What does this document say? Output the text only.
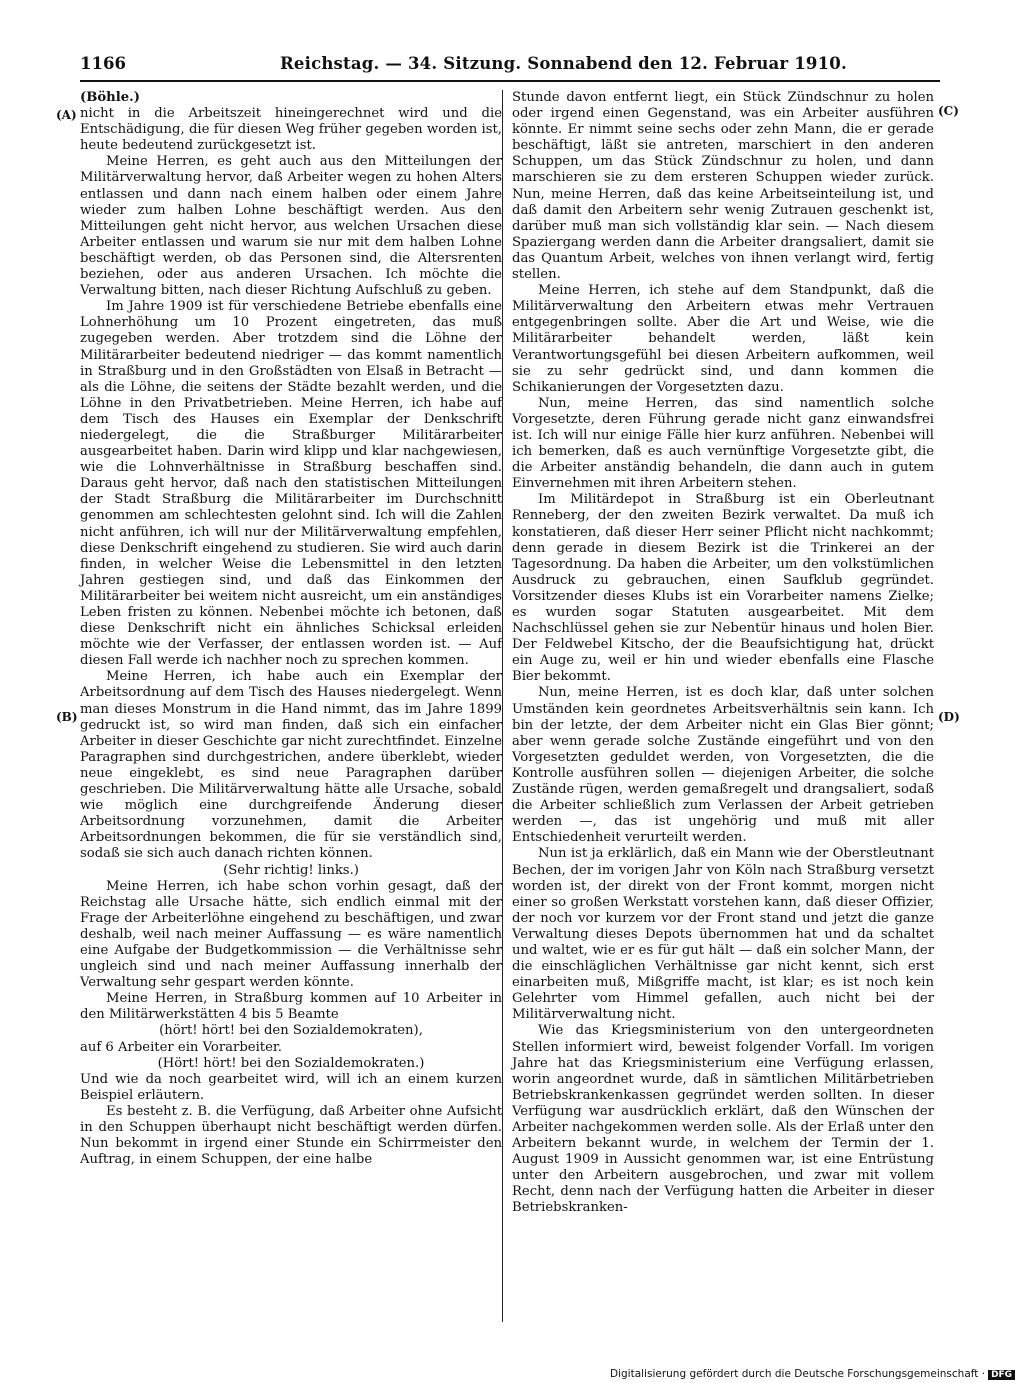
1166	Reichstag. — 34. Sitzung. Sonnabend den 12. Februar 1910.
(A)
(B)
(C)
(D)

(Böhle.)

nicht in die Arbeitszeit hineingerechnet wird und die Entschädigung, die für diesen Weg früher gegeben worden ist, heute bedeutend zurückgesetzt ist.

Meine Herren, es geht auch aus den Mitteilungen der Militärverwaltung hervor, daß Arbeiter wegen zu hohen Alters entlassen und dann nach einem halben oder einem Jahre wieder zum halben Lohne beschäftigt werden. Aus den Mitteilungen geht nicht hervor, aus welchen Ursachen diese Arbeiter entlassen und warum sie nur mit dem halben Lohne beschäftigt werden, ob das Personen sind, die Altersrenten beziehen, oder aus anderen Ursachen. Ich möchte die Verwaltung bitten, nach dieser Richtung Aufschluß zu geben.

Im Jahre 1909 ist für verschiedene Betriebe ebenfalls eine Lohnerhöhung um 10 Prozent eingetreten, das muß zugegeben werden. Aber trotzdem sind die Löhne der Militärarbeiter bedeutend niedriger — das kommt namentlich in Straßburg und in den Großstädten von Elsaß in Betracht — als die Löhne, die seitens der Städte bezahlt werden, und die Löhne in den Privatbetrieben. Meine Herren, ich habe auf dem Tisch des Hauses ein Exemplar der Denkschrift niedergelegt, die die Straßburger Militärarbeiter ausgearbeitet haben. Darin wird klipp und klar nachgewiesen, wie die Lohnverhältnisse in Straßburg beschaffen sind. Daraus geht hervor, daß nach den statistischen Mitteilungen der Stadt Straßburg die Militärarbeiter im Durchschnitt genommen am schlechtesten gelohnt sind. Ich will die Zahlen nicht anführen, ich will nur der Militärverwaltung empfehlen, diese Denkschrift eingehend zu studieren. Sie wird auch darin finden, in welcher Weise die Lebensmittel in den letzten Jahren gestiegen sind, und daß das Einkommen der Militärarbeiter bei weitem nicht ausreicht, um ein anständiges Leben fristen zu können. Nebenbei möchte ich betonen, daß diese Denkschrift nicht ein ähnliches Schicksal erleiden möchte wie der Verfasser, der entlassen worden ist. — Auf diesen Fall werde ich nachher noch zu sprechen kommen.

Meine Herren, ich habe auch ein Exemplar der Arbeitsordnung auf dem Tisch des Hauses niedergelegt. Wenn man dieses Monstrum in die Hand nimmt, das im Jahre 1899 gedruckt ist, so wird man finden, daß sich ein einfacher Arbeiter in dieser Geschichte gar nicht zurechtfindet. Einzelne Paragraphen sind durchgestrichen, andere überklebt, wieder neue eingeklebt, es sind neue Paragraphen darüber geschrieben. Die Militärverwaltung hätte alle Ursache, sobald wie möglich eine durchgreifende Änderung dieser Arbeitsordnung vorzunehmen, damit die Arbeiter Arbeitsordnungen bekommen, die für sie verständlich sind, sodaß sie sich auch danach richten können.

(Sehr richtig! links.)

Meine Herren, ich habe schon vorhin gesagt, daß der Reichstag alle Ursache hätte, sich endlich einmal mit der Frage der Arbeiterlöhne eingehend zu beschäftigen, und zwar deshalb, weil nach meiner Auffassung — es wäre namentlich eine Aufgabe der Budgetkommission — die Verhältnisse sehr ungleich sind und nach meiner Auffassung innerhalb der Verwaltung sehr gespart werden könnte.

Meine Herren, in Straßburg kommen auf 10 Arbeiter in den Militärwerkstätten 4 bis 5 Beamte

(hört! hört! bei den Sozialdemokraten),

auf 6 Arbeiter ein Vorarbeiter.

(Hört! hört! bei den Sozialdemokraten.)

Und wie da noch gearbeitet wird, will ich an einem kurzen Beispiel erläutern.

Es besteht z. B. die Verfügung, daß Arbeiter ohne Aufsicht in den Schuppen überhaupt nicht beschäftigt werden dürfen. Nun bekommt in irgend einer Stunde ein Schirrmeister den Auftrag, in einem Schuppen, der eine halbe

Stunde davon entfernt liegt, ein Stück Zündschnur zu holen oder irgend einen Gegenstand, was ein Arbeiter ausführen könnte. Er nimmt seine sechs oder zehn Mann, die er gerade beschäftigt, läßt sie antreten, marschiert in den anderen Schuppen, um das Stück Zündschnur zu holen, und dann marschieren sie zu dem ersteren Schuppen wieder zurück. Nun, meine Herren, daß das keine Arbeitseinteilung ist, und daß damit den Arbeitern sehr wenig Zutrauen geschenkt ist, darüber muß man sich vollständig klar sein. — Nach diesem Spaziergang werden dann die Arbeiter drangsaliert, damit sie das Quantum Arbeit, welches von ihnen verlangt wird, fertig stellen.

Meine Herren, ich stehe auf dem Standpunkt, daß die Militärverwaltung den Arbeitern etwas mehr Vertrauen entgegenbringen sollte. Aber die Art und Weise, wie die Militärarbeiter behandelt werden, läßt kein Verantwortungsgefühl bei diesen Arbeitern aufkommen, weil sie zu sehr gedrückt sind, und dann kommen die Schikanierungen der Vorgesetzten dazu.

Nun, meine Herren, das sind namentlich solche Vorgesetzte, deren Führung gerade nicht ganz einwandsfrei ist. Ich will nur einige Fälle hier kurz anführen. Nebenbei will ich bemerken, daß es auch vernünftige Vorgesetzte gibt, die die Arbeiter anständig behandeln, die dann auch in gutem Einvernehmen mit ihren Arbeitern stehen.

Im Militärdepot in Straßburg ist ein Oberleutnant Renneberg, der den zweiten Bezirk verwaltet. Da muß ich konstatieren, daß dieser Herr seiner Pflicht nicht nachkommt; denn gerade in diesem Bezirk ist die Trinkerei an der Tagesordnung. Da haben die Arbeiter, um den volkstümlichen Ausdruck zu gebrauchen, einen Saufklub gegründet. Vorsitzender dieses Klubs ist ein Vorarbeiter namens Zielke; es wurden sogar Statuten ausgearbeitet. Mit dem Nachschlüssel gehen sie zur Nebentür hinaus und holen Bier. Der Feldwebel Kitscho, der die Beaufsichtigung hat, drückt ein Auge zu, weil er hin und wieder ebenfalls eine Flasche Bier bekommt.

Nun, meine Herren, ist es doch klar, daß unter solchen Umständen kein geordnetes Arbeitsverhältnis sein kann. Ich bin der letzte, der dem Arbeiter nicht ein Glas Bier gönnt; aber wenn gerade solche Zustände eingeführt und von den Vorgesetzten geduldet werden, von Vorgesetzten, die die Kontrolle ausführen sollen — diejenigen Arbeiter, die solche Zustände rügen, werden gemaßregelt und drangsaliert, sodaß die Arbeiter schließlich zum Verlassen der Arbeit getrieben werden —, das ist ungehörig und muß mit aller Entschiedenheit verurteilt werden.

Nun ist ja erklärlich, daß ein Mann wie der Oberstleutnant Bechen, der im vorigen Jahr von Köln nach Straßburg versetzt worden ist, der direkt von der Front kommt, morgen nicht einer so großen Werkstatt vorstehen kann, daß dieser Offizier, der noch vor kurzem vor der Front stand und jetzt die ganze Verwaltung dieses Depots übernommen hat und da schaltet und waltet, wie er es für gut hält — daß ein solcher Mann, der die einschläglichen Verhältnisse gar nicht kennt, sich erst einarbeiten muß, Mißgriffe macht, ist klar; es ist noch kein Gelehrter vom Himmel gefallen, auch nicht bei der Militärverwaltung nicht.

Wie das Kriegsministerium von den untergeordneten Stellen informiert wird, beweist folgender Vorfall. Im vorigen Jahre hat das Kriegsministerium eine Verfügung erlassen, worin angeordnet wurde, daß in sämtlichen Militärbetrieben Betriebskrankenkassen gegründet werden sollten. In dieser Verfügung war ausdrücklich erklärt, daß den Wünschen der Arbeiter nachgekommen werden solle. Als der Erlaß unter den Arbeitern bekannt wurde, in welchem der Termin der 1. August 1909 in Aussicht genommen war, ist eine Entrüstung unter den Arbeitern ausgebrochen, und zwar mit vollem Recht, denn nach der Verfügung hatten die Arbeiter in dieser Betriebskranken-

Digitalisierung gefördert durch die Deutsche Forschungsgemeinschaft · DFG
